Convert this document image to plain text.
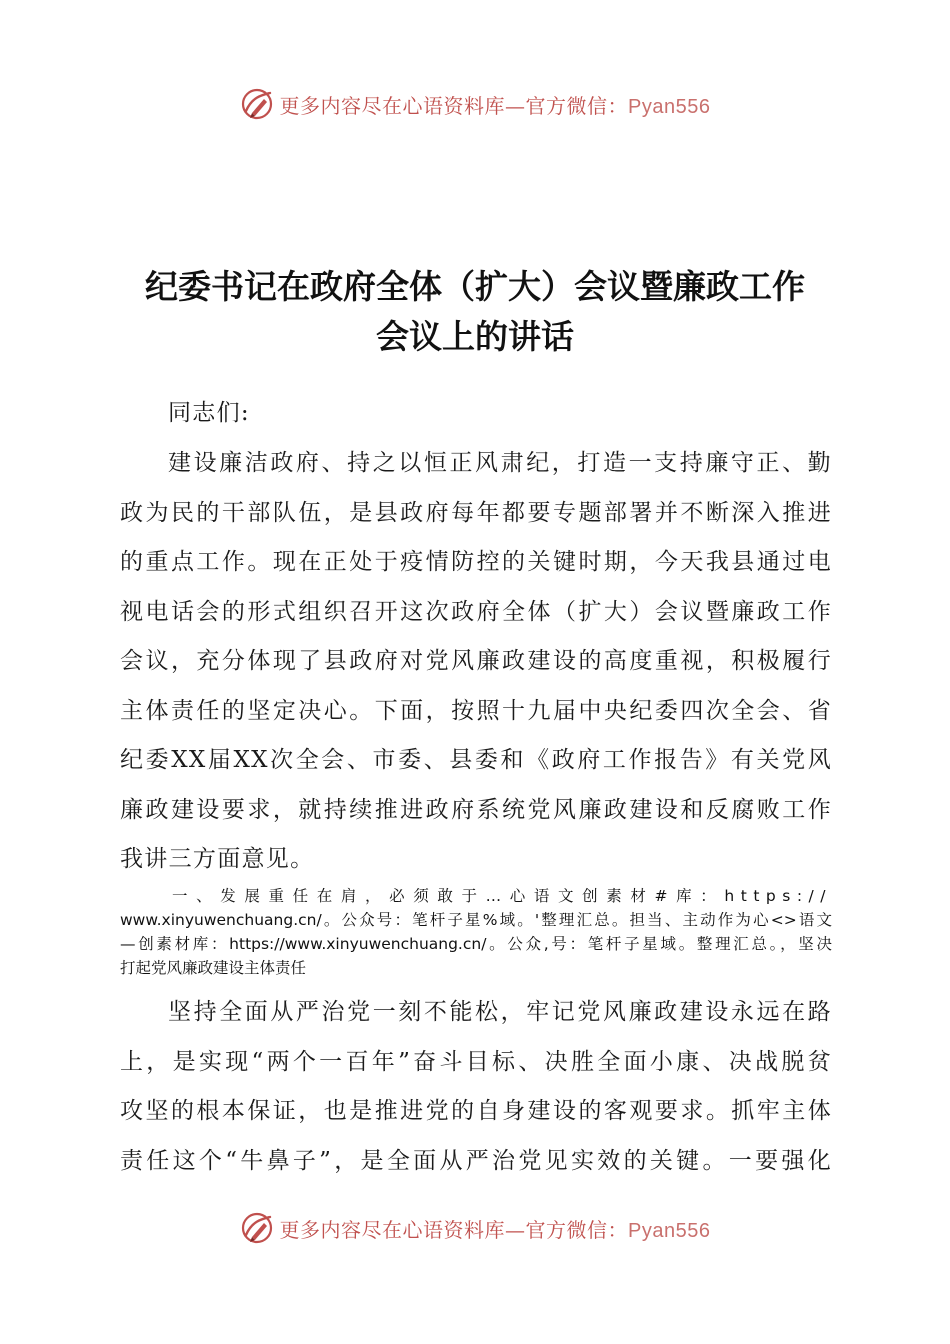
更多内容尽在心语资料库—官方微信：Pyan556
纪委书记在政府全体（扩大）会议暨廉政工作
会议上的讲话
同志们:
建设廉洁政府、持之以恒正风肃纪，打造一支持廉守正、勤
政为民的干部队伍，是县政府每年都要专题部署并不断深入推进
的重点工作。现在正处于疫情防控的关键时期，今天我县通过电
视电话会的形式组织召开这次政府全体（扩大）会议暨廉政工作
会议，充分体现了县政府对党风廉政建设的高度重视，积极履行
主体责任的坚定决心。下面，按照十九届中央纪委四次全会、省
纪委XX届XX次全会、市委、县委和《政府工作报告》有关党风
廉政建设要求，就持续推进政府系统党风廉政建设和反腐败工作
我讲三方面意见。
一、发展重任在肩，必须敢于…心语文创素材#库：https://
www.xinyuwenchuang.cn/。公众号：笔杆子星%域。'整理汇总。担当、主动作为心<>语文
—创素材库：https://www.xinyuwenchuang.cn/。公众,号：笔杆子星域。整理汇总。，坚决
打起党风廉政建设主体责任
坚持全面从严治党一刻不能松，牢记党风廉政建设永远在路
上，是实现“两个一百年”奋斗目标、决胜全面小康、决战脱贫
攻坚的根本保证，也是推进党的自身建设的客观要求。抓牢主体
责任这个“牛鼻子”，是全面从严治党见实效的关键。一要强化
更多内容尽在心语资料库—官方微信：Pyan556
